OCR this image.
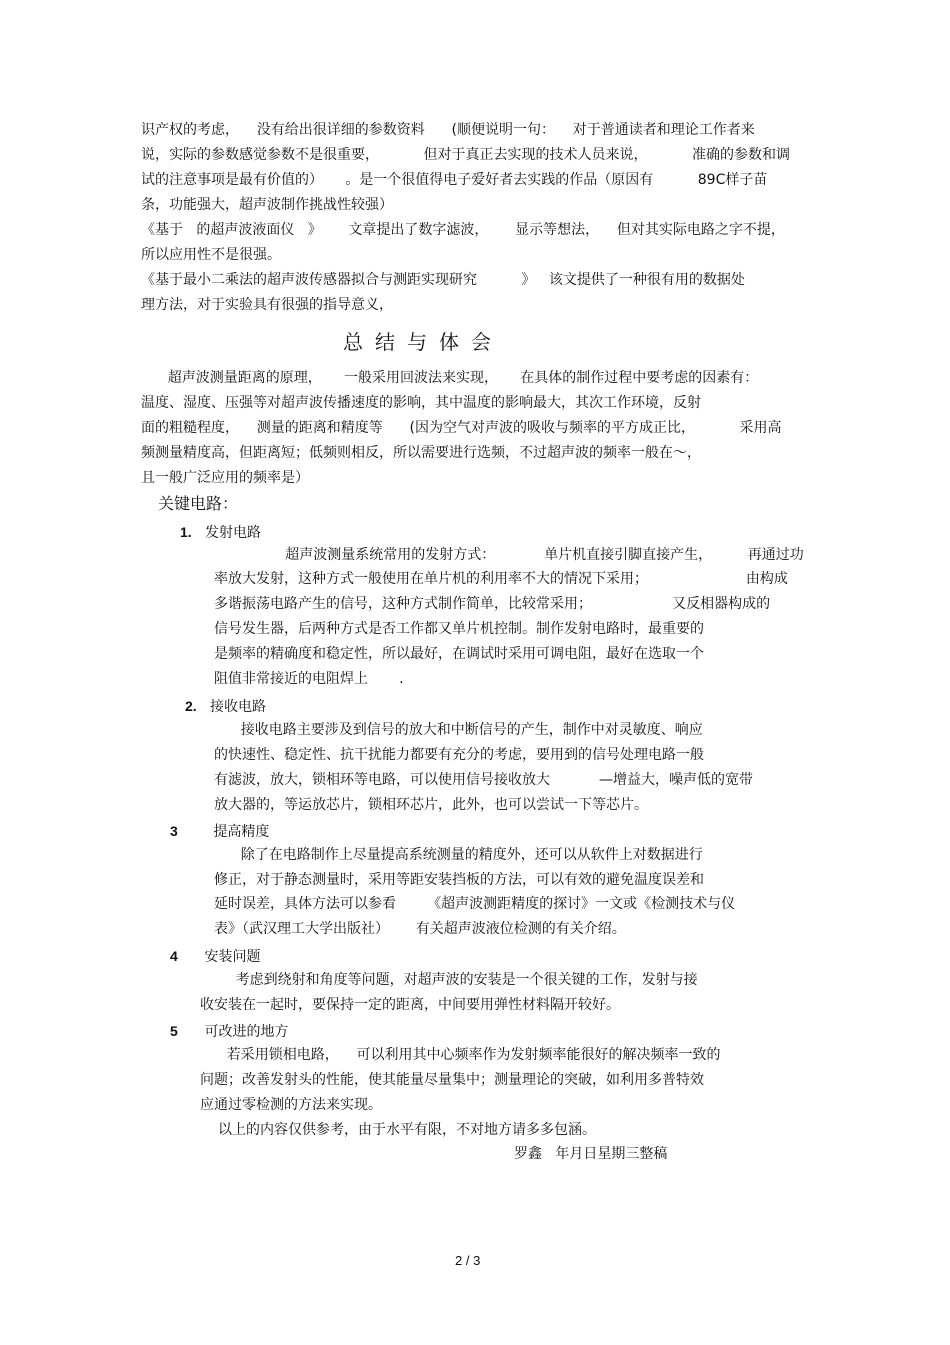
识产权的考虑，    没有给出很详细的参数资料      (顺便说明一句：    对于普通读者和理论工作者来

说，实际的参数感觉参数不是很重要，          但对于真正去实现的技术人员来说，          准确的参数和调

试的注意事项是最有价值的）     。是一个很值得电子爱好者去实践的作品（原因有          89C样子苗

条，功能强大，超声波制作挑战性较强）

《基于   的超声波液面仪   》      文章提出了数字滤波，      显示等想法，    但对其实际电路之字不提，

所以应用性不是很强。

《基于最小二乘法的超声波传感器拟合与测距实现研究          》   该文提供了一种很有用的数据处

理方法，对于实验具有很强的指导意义，

总结与体会

超声波测量距离的原理，     一般采用回波法来实现，     在具体的制作过程中要考虑的因素有：

温度、湿度、压强等对超声波传播速度的影响，其中温度的影响最大，其次工作环境，反射

面的粗糙程度，    测量的距离和精度等      (因为空气对声波的吸收与频率的平方成正比，          采用高

频测量精度高，但距离短；低频则相反，所以需要进行选频，不过超声波的频率一般在～，

且一般广泛应用的频率是）

关键电路：

1. 发射电路

超声波测量系统常用的发射方式：           单片机直接引脚直接产生，        再通过功

率放大发射，这种方式一般使用在单片机的利用率不大的情况下采用；                      由构成

多谐振荡电路产生的信号，这种方式制作简单，比较常采用；                  又反相器构成的

信号发生器，后两种方式是否工作都又单片机控制。制作发射电路时，最重要的

是频率的精确度和稳定性，所以最好，在调试时采用可调电阻，最好在选取一个

阻值非常接近的电阻焊上       .

2. 接收电路

接收电路主要涉及到信号的放大和中断信号的产生，制作中对灵敏度、响应

的快速性、稳定性、抗干扰能力都要有充分的考虑，要用到的信号处理电路一般

有滤波，放大，锁相环等电路，可以使用信号接收放大           —增益大，噪声低的宽带

放大器的，等运放芯片，锁相环芯片，此外，也可以尝试一下等芯片。

3	提高精度

除了在电路制作上尽量提高系统测量的精度外，还可以从软件上对数据进行

修正，对于静态测量时，采用等距安装挡板的方法，可以有效的避免温度误差和

延时误差，具体方法可以参看       《超声波测距精度的探讨》一文或《检测技术与仪

表》（武汉理工大学出版社）      有关超声波液位检测的有关介绍。

4 安装问题

考虑到绕射和角度等问题，对超声波的安装是一个很关键的工作，发射与接

收安装在一起时，要保持一定的距离，中间要用弹性材料隔开较好。

5 可改进的地方

若采用锁相电路，    可以利用其中心频率作为发射频率能很好的解决频率一致的

问题；改善发射头的性能，使其能量尽量集中；测量理论的突破，如利用多普特效

应通过零检测的方法来实现。

以上的内容仅供参考，由于水平有限，不对地方请多多包涵。

罗鑫   年月日星期三整稿

2 / 3
